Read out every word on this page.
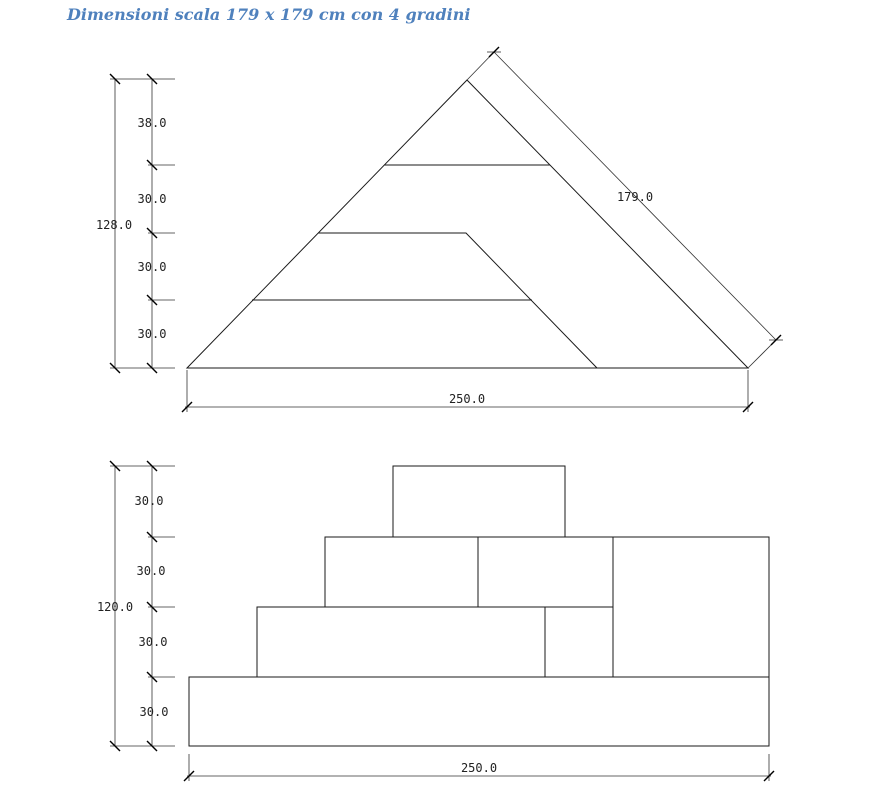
Dimensioni scala 179 x 179 cm con 4 gradini
128.0
38.0
30.0
30.0
30.0
250.0
179.0
120.0
30.0
30.0
30.0
30.0
250.0
